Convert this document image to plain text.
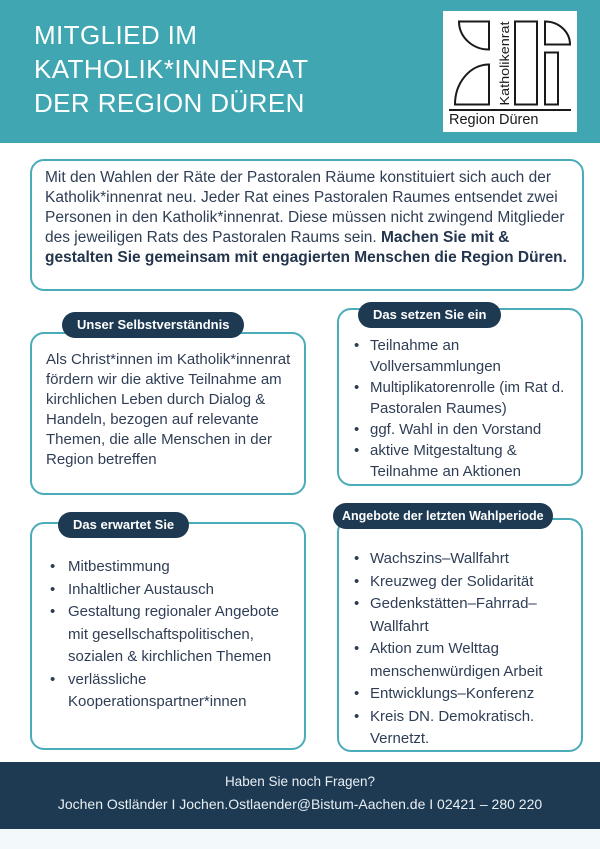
MITGLIED IM
KATHOLIK*INNENRAT
DER REGION DÜREN	Katholikenrat
Region Düren
Mit den Wahlen der Räte der Pastoralen Räume konstituiert sich auch der Katholik*innenrat neu. Jeder Rat eines Pastoralen Raumes entsendet zwei Personen in den Katholik*innenrat. Diese müssen nicht zwingend Mitglieder des jeweiligen Rats des Pastoralen Raums sein. Machen Sie mit & gestalten Sie gemeinsam mit engagierten Menschen die Region Düren.
Unser Selbstverständnis
Als Christ*innen im Katholik*innenrat fördern wir die aktive Teilnahme am kirchlichen Leben durch Dialog & Handeln, bezogen auf relevante Themen, die alle Menschen in der Region betreffen
Das setzen Sie ein
• Teilnahme an Vollversammlungen
• Multiplikatorenrolle (im Rat d. Pastoralen Raumes)
• ggf. Wahl in den Vorstand
• aktive Mitgestaltung & Teilnahme an Aktionen
Das erwartet Sie
• Mitbestimmung
• Inhaltlicher Austausch
• Gestaltung regionaler Angebote mit gesellschaftspolitischen, sozialen & kirchlichen Themen
• verlässliche Kooperationspartner*innen
Angebote der letzten Wahlperiode
• Wachszins–Wallfahrt
• Kreuzweg der Solidarität
• Gedenkstätten–Fahrrad–Wallfahrt
• Aktion zum Welttag menschenwürdigen Arbeit
• Entwicklungs–Konferenz
• Kreis DN. Demokratisch. Vernetzt.
Haben Sie noch Fragen?
Jochen Ostländer I Jochen.Ostlaender@Bistum-Aachen.de I 02421 – 280 220
